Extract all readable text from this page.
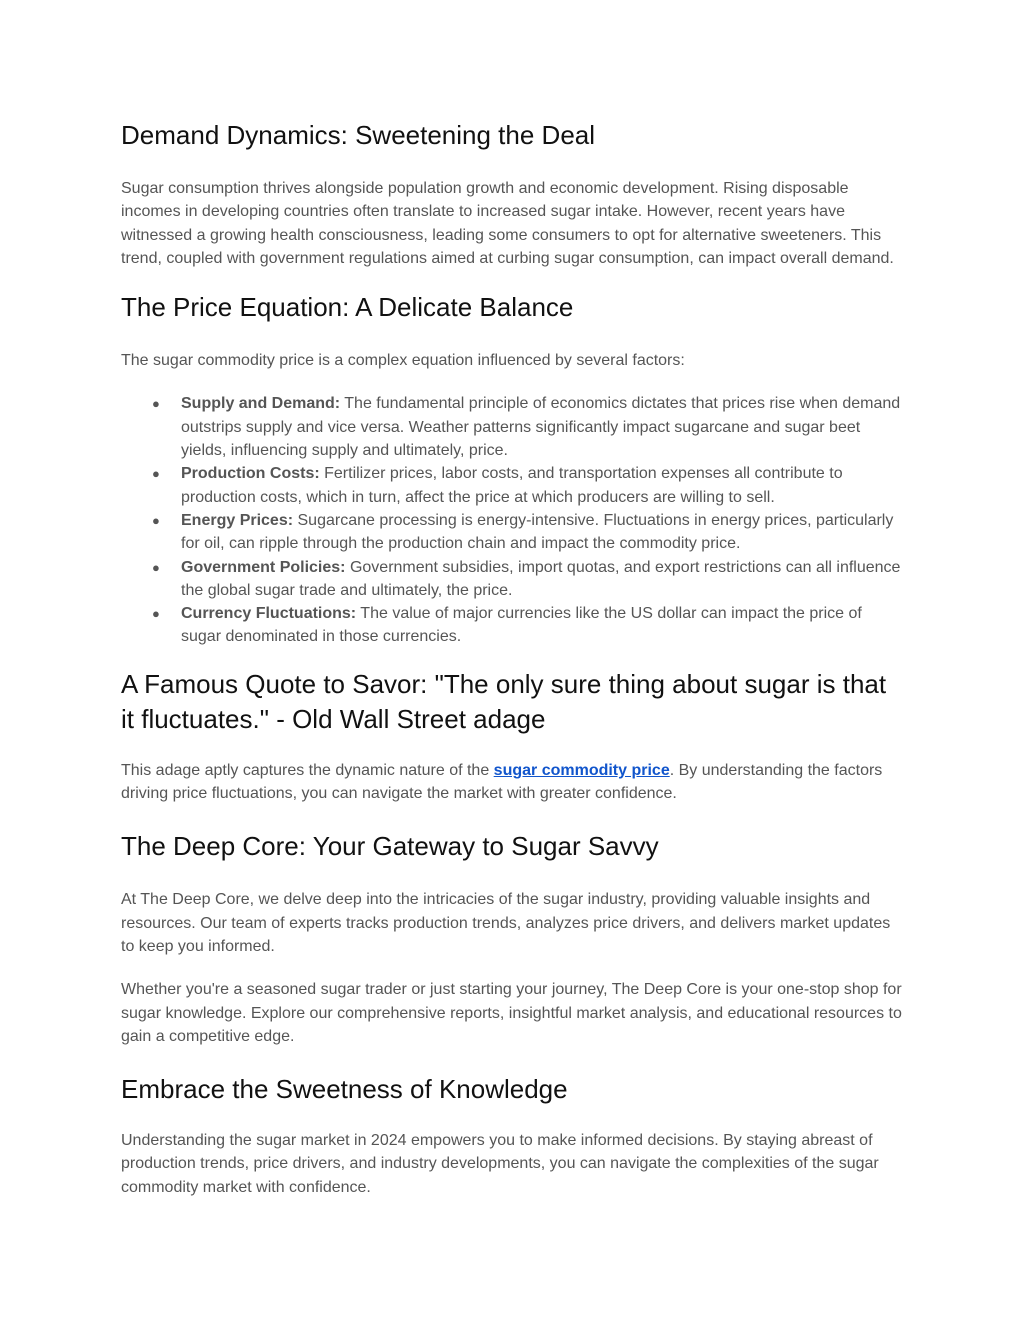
Demand Dynamics: Sweetening the Deal

Sugar consumption thrives alongside population growth and economic development. Rising disposable incomes in developing countries often translate to increased sugar intake. However, recent years have witnessed a growing health consciousness, leading some consumers to opt for alternative sweeteners. This trend, coupled with government regulations aimed at curbing sugar consumption, can impact overall demand.

The Price Equation: A Delicate Balance

The sugar commodity price is a complex equation influenced by several factors:

● Supply and Demand: The fundamental principle of economics dictates that prices rise when demand outstrips supply and vice versa. Weather patterns significantly impact sugarcane and sugar beet yields, influencing supply and ultimately, price.
● Production Costs: Fertilizer prices, labor costs, and transportation expenses all contribute to production costs, which in turn, affect the price at which producers are willing to sell.
● Energy Prices: Sugarcane processing is energy-intensive. Fluctuations in energy prices, particularly for oil, can ripple through the production chain and impact the commodity price.
● Government Policies: Government subsidies, import quotas, and export restrictions can all influence the global sugar trade and ultimately, the price.
● Currency Fluctuations: The value of major currencies like the US dollar can impact the price of sugar denominated in those currencies.
A Famous Quote to Savor: "The only sure thing about sugar is that it fluctuates." - Old Wall Street adage

This adage aptly captures the dynamic nature of the sugar commodity price. By understanding the factors driving price fluctuations, you can navigate the market with greater confidence.

The Deep Core: Your Gateway to Sugar Savvy

At The Deep Core, we delve deep into the intricacies of the sugar industry, providing valuable insights and resources. Our team of experts tracks production trends, analyzes price drivers, and delivers market updates to keep you informed.

Whether you're a seasoned sugar trader or just starting your journey, The Deep Core is your one-stop shop for sugar knowledge. Explore our comprehensive reports, insightful market analysis, and educational resources to gain a competitive edge.

Embrace the Sweetness of Knowledge

Understanding the sugar market in 2024 empowers you to make informed decisions. By staying abreast of production trends, price drivers, and industry developments, you can navigate the complexities of the sugar commodity market with confidence.
